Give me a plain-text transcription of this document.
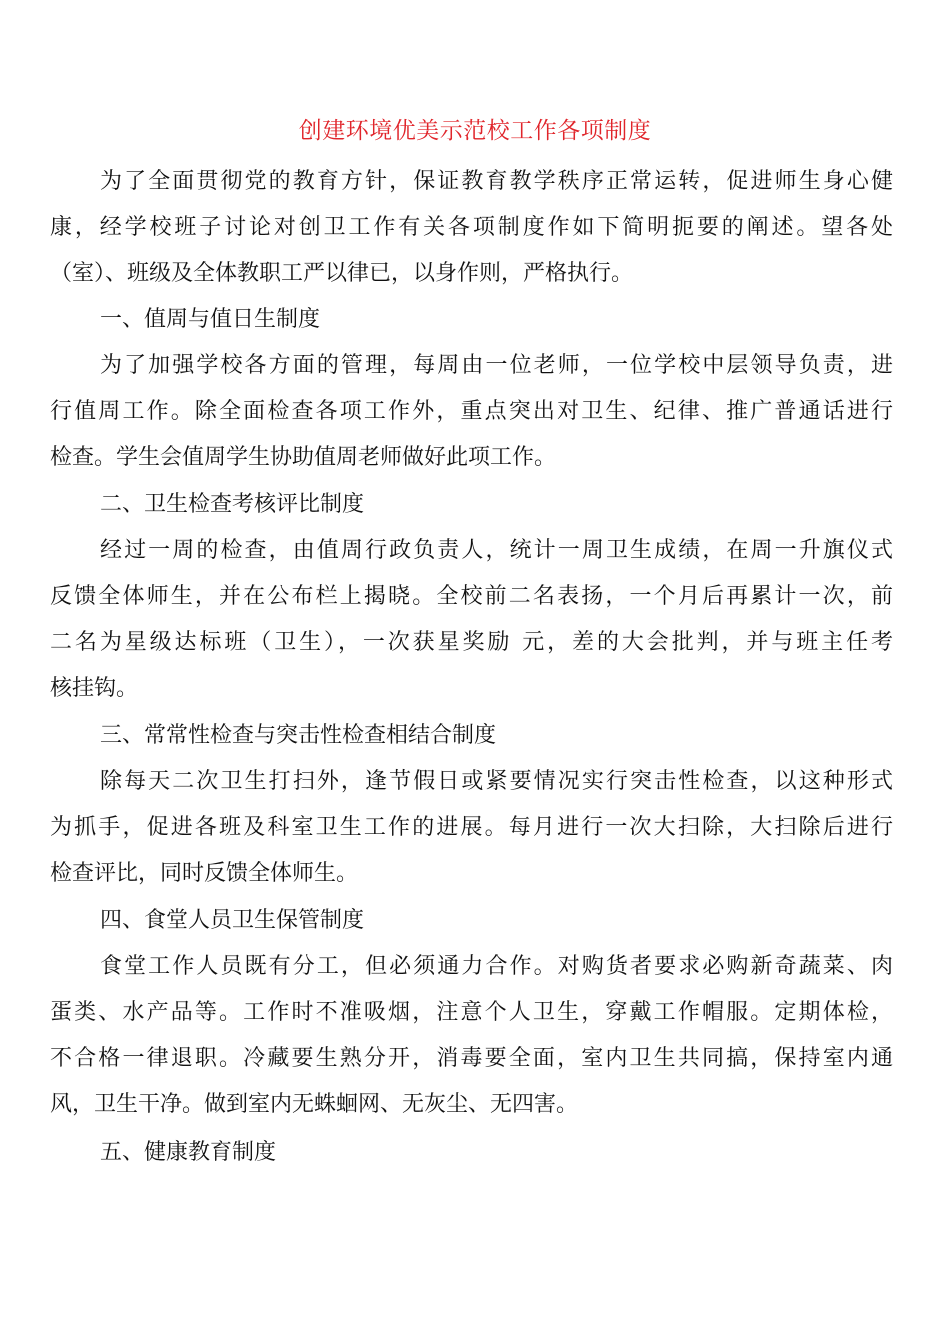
创建环境优美示范校工作各项制度
为了全面贯彻党的教育方针，保证教育教学秩序正常运转，促进师生身心健
康，经学校班子讨论对创卫工作有关各项制度作如下简明扼要的阐述。望各处
（室）、班级及全体教职工严以律已，以身作则，严格执行。
一、值周与值日生制度
为了加强学校各方面的管理，每周由一位老师，一位学校中层领导负责，进
行值周工作。除全面检查各项工作外，重点突出对卫生、纪律、推广普通话进行
检查。学生会值周学生协助值周老师做好此项工作。
二、卫生检查考核评比制度
经过一周的检查，由值周行政负责人，统计一周卫生成绩，在周一升旗仪式
反馈全体师生，并在公布栏上揭晓。全校前二名表扬，一个月后再累计一次，前
二名为星级达标班（卫生），一次获星奖励 元，差的大会批判，并与班主任考
核挂钩。
三、常常性检查与突击性检查相结合制度
除每天二次卫生打扫外，逢节假日或紧要情况实行突击性检查，以这种形式
为抓手，促进各班及科室卫生工作的进展。每月进行一次大扫除，大扫除后进行
检查评比，同时反馈全体师生。
四、食堂人员卫生保管制度
食堂工作人员既有分工，但必须通力合作。对购货者要求必购新奇蔬菜、肉
蛋类、水产品等。工作时不准吸烟，注意个人卫生，穿戴工作帽服。定期体检，
不合格一律退职。冷藏要生熟分开，消毒要全面，室内卫生共同搞，保持室内通
风，卫生干净。做到室内无蛛蛔网、无灰尘、无四害。
五、健康教育制度
